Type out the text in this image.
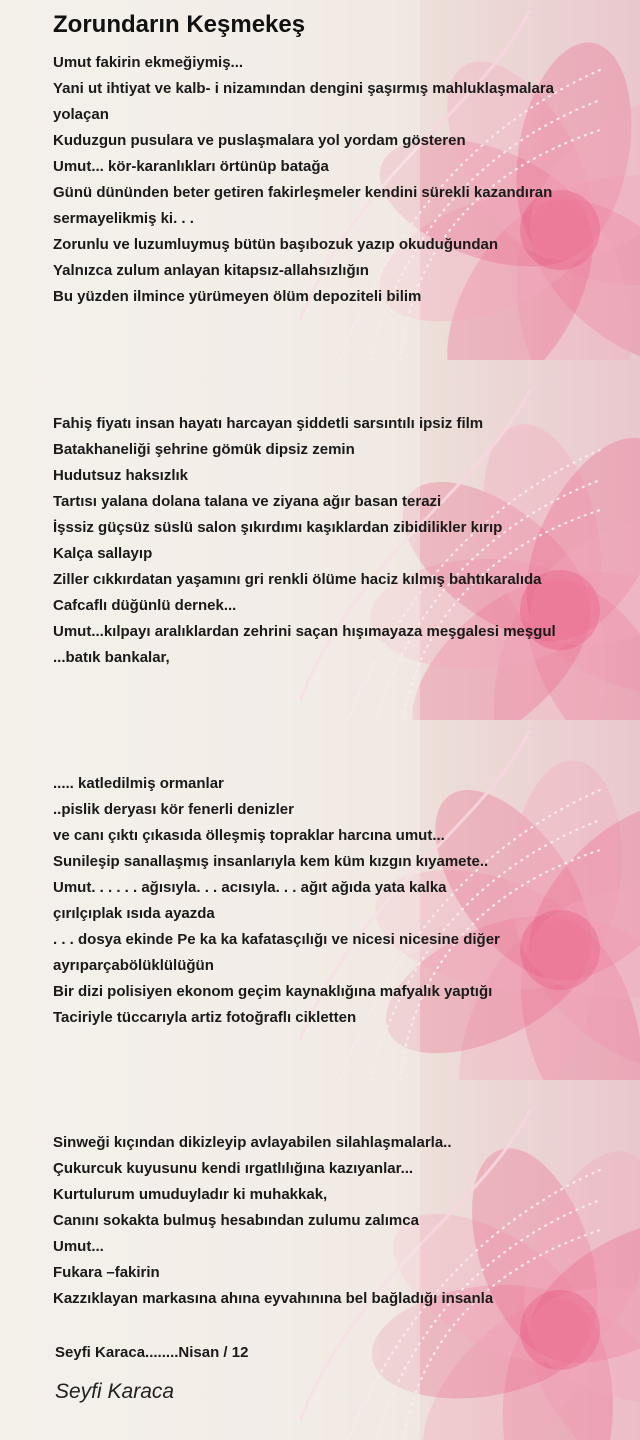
Zorundarın Keşmekeş
Umut fakirin ekmeğiymiş...
Yani ut ihtiyat ve kalb- i nizamından dengini şaşırmış mahluklaşmalara
yolaçan
Kuduzgun pusulara ve puslaşmalara yol yordam gösteren
Umut... kör-karanlıkları örtünüp batağa
Günü dününden beter getiren fakirleşmeler kendini sürekli kazandıran
sermayelikmiş ki. . .
Zorunlu ve luzumluymuş bütün başıbozuk yazıp okuduğundan
Yalnızca zulum anlayan kitapsız-allahsızlığın
Bu yüzden ilmince yürümeyen ölüm depoziteli bilim
Fahiş fiyatı insan hayatı harcayan şiddetli sarsıntılı ipsiz film
Batakhaneliği şehrine gömük dipsiz zemin
Hudutsuz haksızlık
Tartısı yalana dolana talana ve ziyana ağır basan terazi
İşssiz güçsüz süslü salon şıkırdımı kaşıklardan zibidilikler kırıp
Kalça sallayıp
Ziller cıkkırdatan yaşamını gri renkli ölüme haciz kılmış bahtıkaralıda
Cafcaflı düğünlü dernek...
Umut...kılpayı aralıklardan zehrini saçan hışımayaza meşgalesi meşgul
...batık bankalar,
..... katledilmiş ormanlar
..pislik deryası kör fenerli denizler
ve canı çıktı çıkasıda ölleşmiş topraklar harcına umut...
Sunileşip sanallaşmış insanlarıyla kem küm kızgın kıyamete..
Umut. . . . . . ağısıyla. . . acısıyla. . . ağıt ağıda yata kalka
çırılçıplak ısıda ayazda
. . . dosya ekinde Pe ka ka kafatasçılığı ve nicesi nicesine diğer
ayrıparçabölüklülüğün
Bir dizi polisiyen ekonom geçim kaynaklığına mafyalık yaptığı
Taciriyle tüccarıyla artiz fotoğraflı cikletten
Sinweği kıçından dikizleyip avlayabilen silahlaşmalarla..
Çukurcuk kuyusunu kendi ırgatlılığına kazıyanlar...
Kurtulurum umuduyladır ki muhakkak,
Canını sokakta bulmuş hesabından zulumu zalımca
Umut...
Fukara –fakirin
Kazzıklayan markasına ahına eyvahınına bel bağladığı insanla
Seyfi Karaca........Nisan / 12
Seyfi Karaca
